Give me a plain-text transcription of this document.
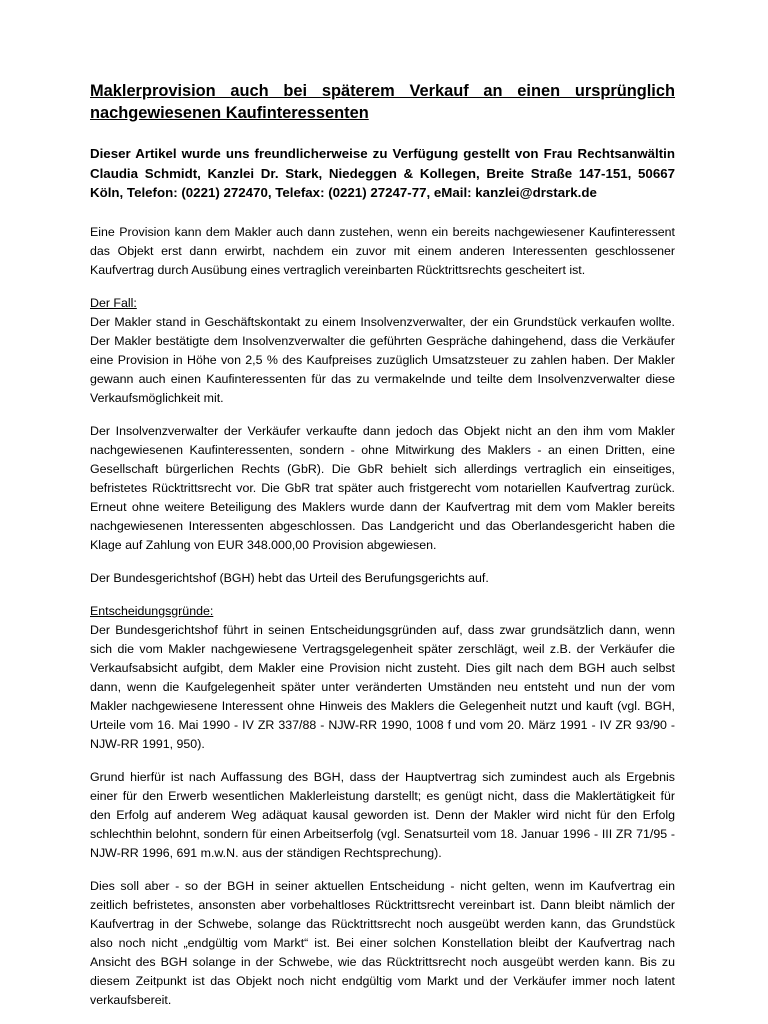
Maklerprovision auch bei späterem Verkauf an einen ursprünglich nachgewiesenen Kaufinteressenten
Dieser Artikel wurde uns freundlicherweise zu Verfügung gestellt von Frau Rechtsanwältin Claudia Schmidt, Kanzlei Dr. Stark, Niedeggen & Kollegen, Breite Straße 147-151, 50667 Köln, Telefon: (0221) 272470, Telefax: (0221) 27247-77, eMail: kanzlei@drstark.de

Eine Provision kann dem Makler auch dann zustehen, wenn ein bereits nachgewiesener Kaufinteressent das Objekt erst dann erwirbt, nachdem ein zuvor mit einem anderen Interessenten geschlossener Kaufvertrag durch Ausübung eines vertraglich vereinbarten Rücktrittsrechts gescheitert ist.

Der Fall:
Der Makler stand in Geschäftskontakt zu einem Insolvenzverwalter, der ein Grundstück verkaufen wollte. Der Makler bestätigte dem Insolvenzverwalter die geführten Gespräche dahingehend, dass die Verkäufer eine Provision in Höhe von 2,5 % des Kaufpreises zuzüglich Umsatzsteuer zu zahlen haben. Der Makler gewann auch einen Kaufinteressenten für das zu vermakelnde und teilte dem Insolvenzverwalter diese Verkaufsmöglichkeit mit.

Der Insolvenzverwalter der Verkäufer verkaufte dann jedoch das Objekt nicht an den ihm vom Makler nachgewiesenen Kaufinteressenten, sondern - ohne Mitwirkung des Maklers - an einen Dritten, eine Gesellschaft bürgerlichen Rechts (GbR). Die GbR behielt sich allerdings vertraglich ein einseitiges, befristetes Rücktrittsrecht vor. Die GbR trat später auch fristgerecht vom notariellen Kaufvertrag zurück. Erneut ohne weitere Beteiligung des Maklers wurde dann der Kaufvertrag mit dem vom Makler bereits nachgewiesenen Interessenten abgeschlossen. Das Landgericht und das Oberlandesgericht haben die Klage auf Zahlung von EUR 348.000,00 Provision abgewiesen.

Der Bundesgerichtshof (BGH) hebt das Urteil des Berufungsgerichts auf.

Entscheidungsgründe:
Der Bundesgerichtshof führt in seinen Entscheidungsgründen auf, dass zwar grundsätzlich dann, wenn sich die vom Makler nachgewiesene Vertragsgelegenheit später zerschlägt, weil z.B. der Verkäufer die Verkaufsabsicht aufgibt, dem Makler eine Provision nicht zusteht. Dies gilt nach dem BGH auch selbst dann, wenn die Kaufgelegenheit später unter veränderten Umständen neu entsteht und nun der vom Makler nachgewiesene Interessent ohne Hinweis des Maklers die Gelegenheit nutzt und kauft (vgl. BGH, Urteile vom 16. Mai 1990 - IV ZR 337/88 - NJW-RR 1990, 1008 f und vom 20. März 1991 - IV ZR 93/90 - NJW-RR 1991, 950).

Grund hierfür ist nach Auffassung des BGH, dass der Hauptvertrag sich zumindest auch als Ergebnis einer für den Erwerb wesentlichen Maklerleistung darstellt; es genügt nicht, dass die Maklertätigkeit für den Erfolg auf anderem Weg adäquat kausal geworden ist. Denn der Makler wird nicht für den Erfolg schlechthin belohnt, sondern für einen Arbeitserfolg (vgl. Senatsurteil vom 18. Januar 1996 - III ZR 71/95 - NJW-RR 1996, 691 m.w.N. aus der ständigen Rechtsprechung).

Dies soll aber - so der BGH in seiner aktuellen Entscheidung - nicht gelten, wenn im Kaufvertrag ein zeitlich befristetes, ansonsten aber vorbehaltloses Rücktrittsrecht vereinbart ist. Dann bleibt nämlich der Kaufvertrag in der Schwebe, solange das Rücktrittsrecht noch ausgeübt werden kann, das Grundstück also noch nicht „endgültig vom Markt“ ist. Bei einer solchen Konstellation bleibt der Kaufvertrag nach Ansicht des BGH solange in der Schwebe, wie das Rücktrittsrecht noch ausgeübt werden kann. Bis zu diesem Zeitpunkt ist das Objekt noch nicht endgültig vom Markt und der Verkäufer immer noch latent verkaufsbereit.
